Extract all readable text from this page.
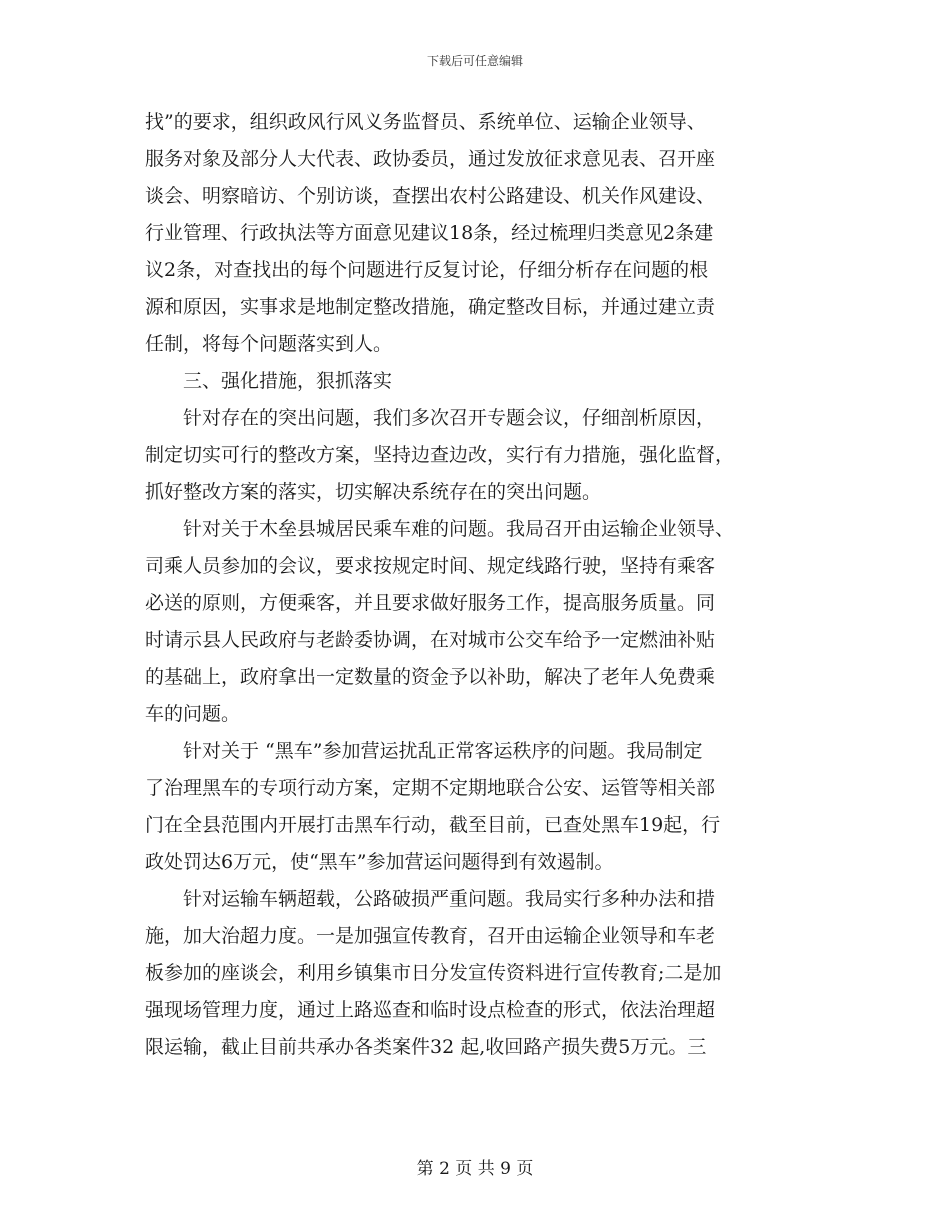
下载后可任意编辑
找”的要求，组织政风行风义务监督员、系统单位、运输企业领导、
服务对象及部分人大代表、政协委员，通过发放征求意见表、召开座
谈会、明察暗访、个别访谈，查摆出农村公路建设、机关作风建设、
行业管理、行政执法等方面意见建议18条，经过梳理归类意见2条建
议2条，对查找出的每个问题进行反复讨论，仔细分析存在问题的根
源和原因，实事求是地制定整改措施，确定整改目标，并通过建立责
任制，将每个问题落实到人。
三、强化措施，狠抓落实
针对存在的突出问题，我们多次召开专题会议，仔细剖析原因，
制定切实可行的整改方案，坚持边查边改，实行有力措施，强化监督，
抓好整改方案的落实，切实解决系统存在的突出问题。
针对关于木垒县城居民乘车难的问题。我局召开由运输企业领导、
司乘人员参加的会议，要求按规定时间、规定线路行驶，坚持有乘客
必送的原则，方便乘客，并且要求做好服务工作，提高服务质量。同
时请示县人民政府与老龄委协调，在对城市公交车给予一定燃油补贴
的基础上，政府拿出一定数量的资金予以补助，解决了老年人免费乘
车的问题。
针对关于 “黑车”参加营运扰乱正常客运秩序的问题。我局制定
了治理黑车的专项行动方案，定期不定期地联合公安、运管等相关部
门在全县范围内开展打击黑车行动，截至目前，已查处黑车19起，行
政处罚达6万元，使“黑车”参加营运问题得到有效遏制。
针对运输车辆超载，公路破损严重问题。我局实行多种办法和措
施，加大治超力度。一是加强宣传教育，召开由运输企业领导和车老
板参加的座谈会，利用乡镇集市日分发宣传资料进行宣传教育;二是加
强现场管理力度，通过上路巡查和临时设点检查的形式，依法治理超
限运输，截止目前共承办各类案件32 起,收回路产损失费5万元。三
第 2 页 共 9 页
